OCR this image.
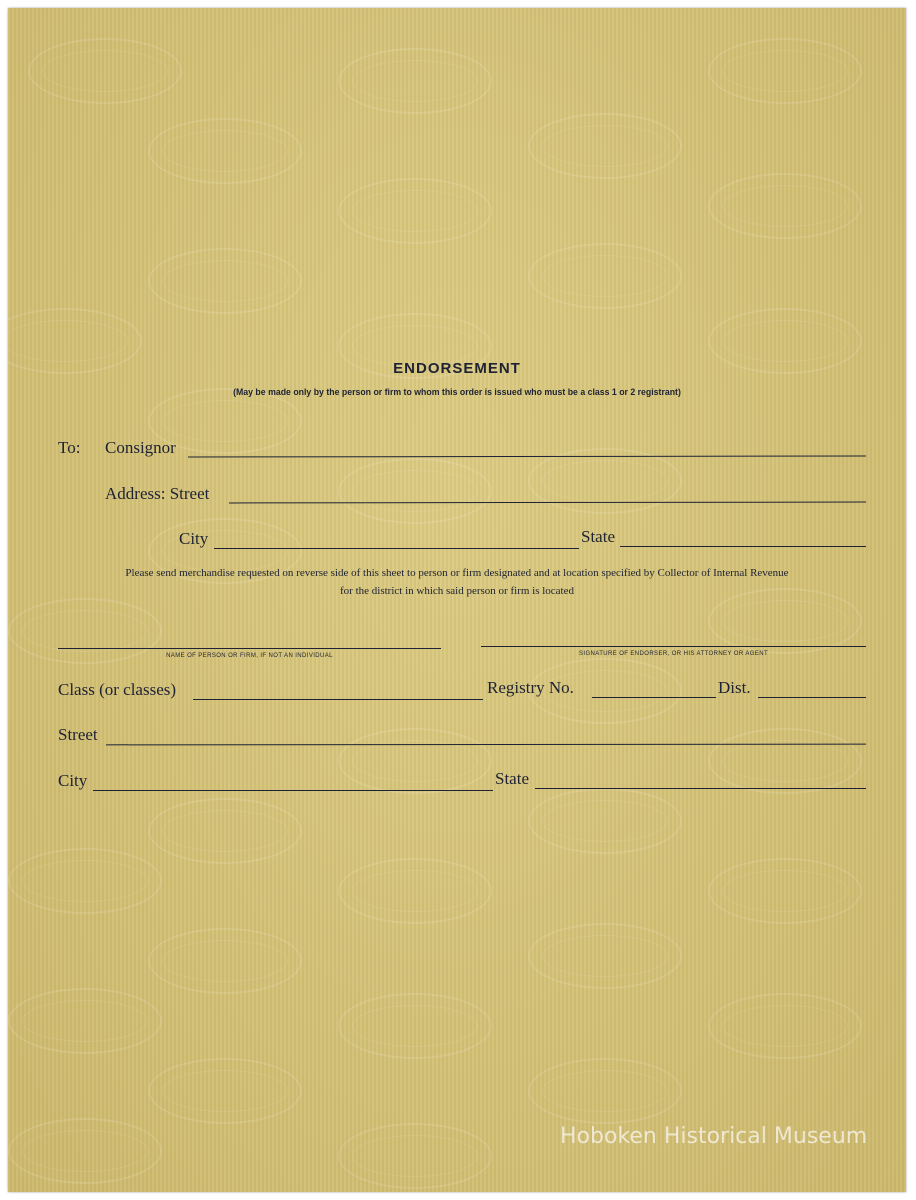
ENDORSEMENT
(May be made only by the person or firm to whom this order is issued who must be a class 1 or 2 registrant)
To: Consignor
Address: Street
City	State
Please send merchandise requested on reverse side of this sheet to person or firm designated and at location specified by Collector of Internal Revenue
for the district in which said person or firm is located
NAME OF PERSON OR FIRM, IF NOT AN INDIVIDUAL	SIGNATURE OF ENDORSER, OR HIS ATTORNEY OR AGENT
Class (or classes)	Registry No.	Dist.
Street
City	State
Hoboken Historical Museum
